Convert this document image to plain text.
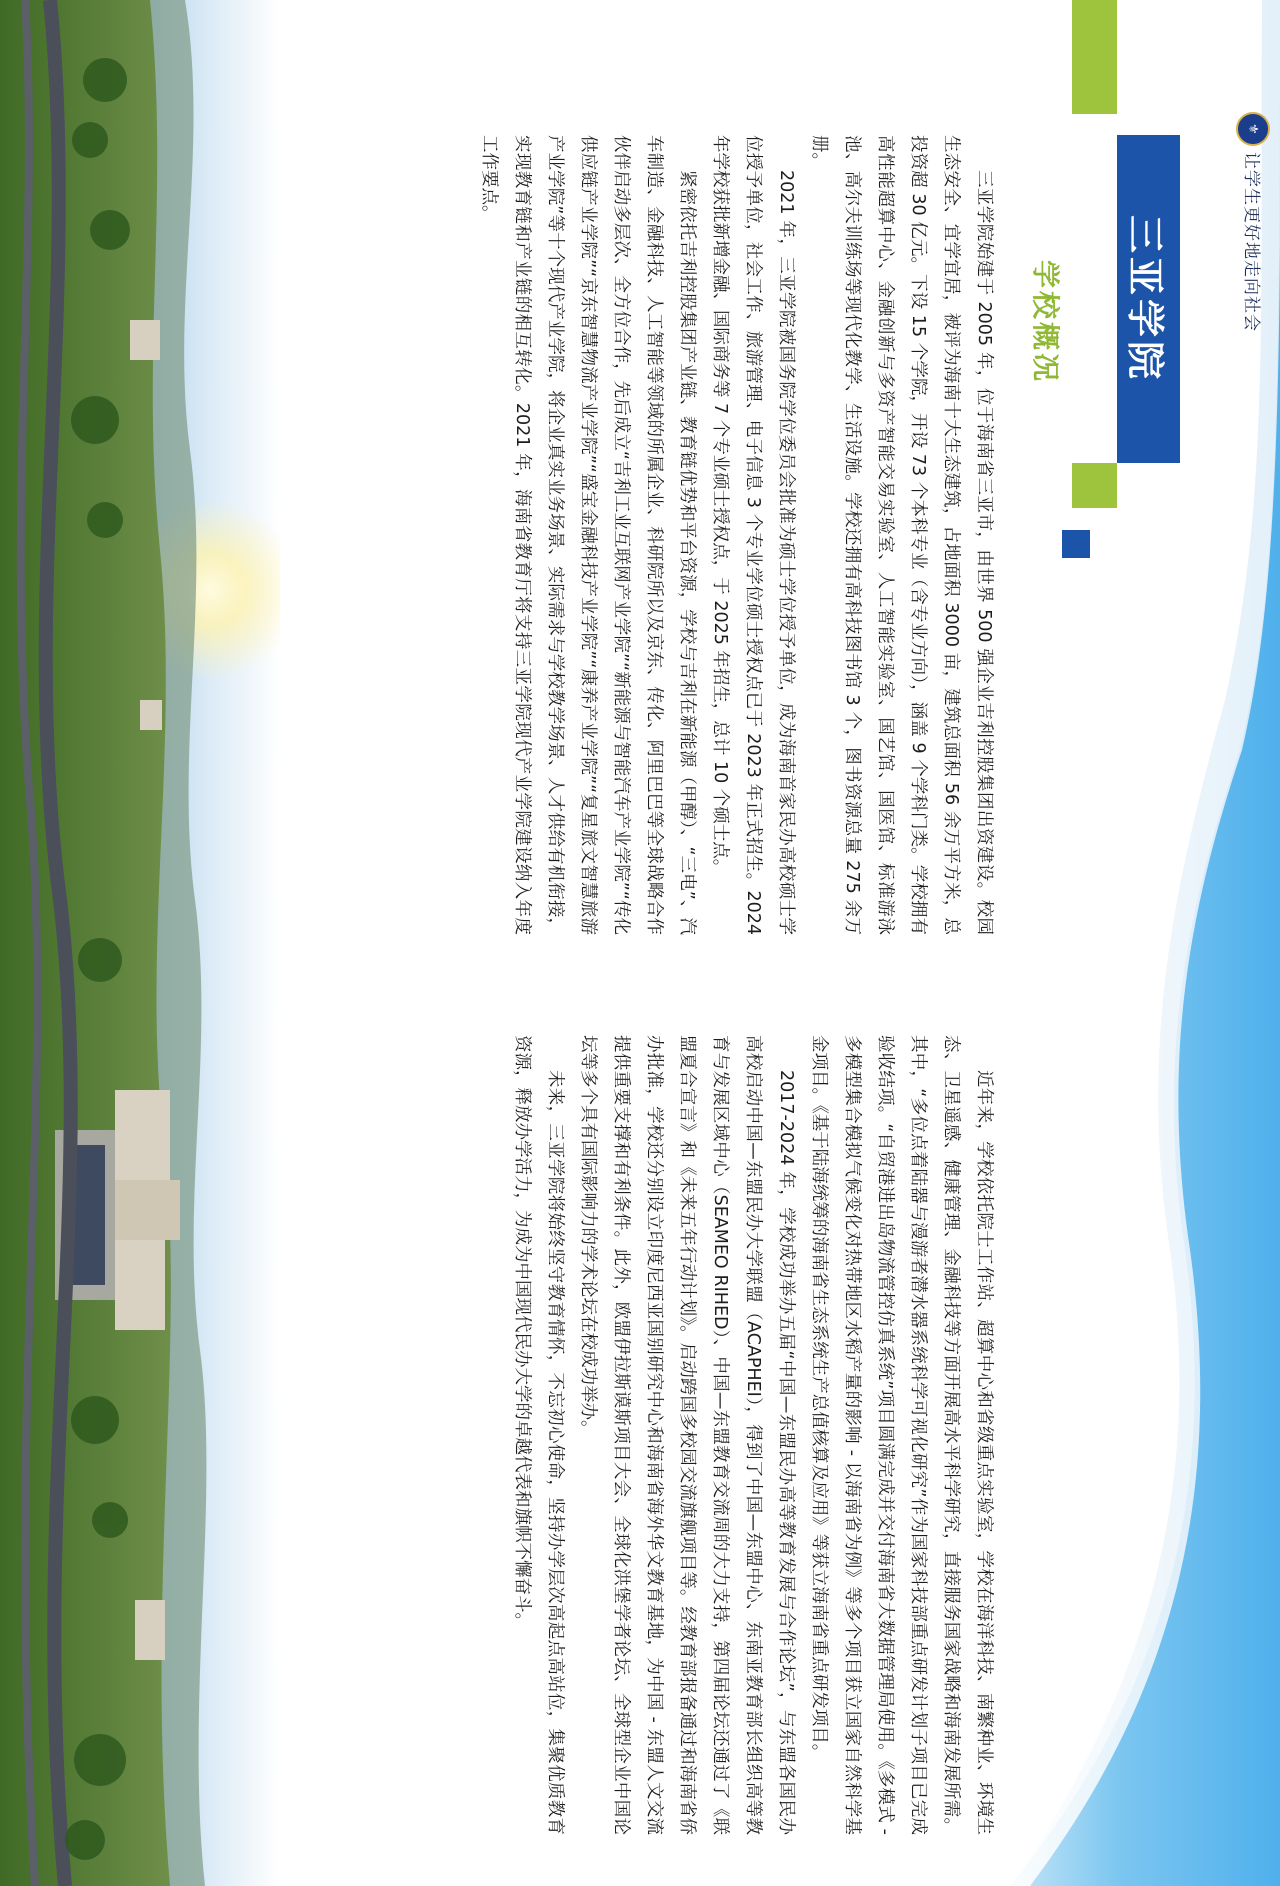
⚜
让学生更好地走向社会
三亚学院
学校概况

三亚学院始建于 2005 年，位于海南省三亚市，由世界 500 强企业吉利控股集团出资建设。校园生态安全、宜学宜居，被评为海南十大生态建筑，占地面积 3000 亩，建筑总面积 56 余万平方米，总投资超 30 亿元。下设 15 个学院，开设 73 个本科专业（含专业方向），涵盖 9 个学科门类。学校拥有高性能超算中心、金融创新与多资产智能交易实验室、人工智能实验室、国艺馆、国医馆、标准游泳池、高尔夫训练场等现代化教学、生活设施。学校还拥有高科技图书馆 3 个，图书资源总量 275 余万册。

2021 年，三亚学院被国务院学位委员会批准为硕士学位授予单位，成为海南首家民办高校硕士学位授予单位，社会工作、旅游管理、电子信息 3 个专业学位硕士授权点已于 2023 年正式招生。2024 年学校获批新增金融、国际商务等 7 个专业硕士授权点，于 2025 年招生，总计 10 个硕士点。

紧密依托吉利控股集团产业链、教育链优势和平台资源，学校与吉利在新能源（甲醇）、“三电”、汽车制造、金融科技、人工智能等领域的所属企业、科研院所以及京东、传化、阿里巴巴等全球战略合作伙伴启动多层次、全方位合作，先后成立“吉利工业互联网产业学院”“新能源与智能汽车产业学院”“传化供应链产业学院”“京东智慧物流产业学院”“盛宝金融科技产业学院”“康养产业学院”“复星旅文智慧旅游产业学院”等十个现代产业学院，将企业真实业务场景、实际需求与学校教学场景、人才供给有机衔接，实现教育链和产业链的相互转化。2021 年，海南省教育厅将支持三亚学院现代产业学院建设纳入年度工作要点。

近年来，学校依托院士工作站、超算中心和省级重点实验室，学校在海洋科技、南繁种业、环境生态、卫星遥感、健康管理、金融科技等方面开展高水平科学研究，直接服务国家战略和海南发展所需。其中，“多位点着陆器与漫游者潜水器系统科学可视化研究”作为国家科技部重点研发计划子项目已完成验收结项。“自贸港进出岛物流管控仿真系统”项目圆满完成并交付海南省大数据管理局使用。《多模式 - 多模型集合模拟气候变化对热带地区水稻产量的影响 - 以海南省为例》等多个项目获立国家自然科学基金项目。《基于陆海统筹的海南省生态系统生产总值核算及应用》等获立海南省重点研发项目。

2017-2024 年，学校成功举办五届“中国—东盟民办高等教育发展与合作论坛”，与东盟各国民办高校启动中国—东盟民办大学联盟（ACAPHEI），得到了中国—东盟中心、东南亚教育部长组织高等教育与发展区域中心（SEAMEO RIHED）、中国—东盟教育交流周的大力支持，第四届论坛还通过了《联盟夏合宣言》和《未来五年行动计划》。启动跨国多校园交流旗舰项目等。经教育部报备通过和海南省侨办批准，学校还分别设立印度尼西亚国别研究中心和海南省海外华文教育基地，为中国 - 东盟人文交流提供重要支撑和有利条件。此外，欧盟伊拉斯谟斯项目大会、全球化洪堡学者论坛、全球型企业中国论坛等多个具有国际影响力的学术论坛在校成功举办。

未来，三亚学院将始终坚守教育情怀，不忘初心使命，坚持办学层次高起点高站位，集聚优质教育资源，释放办学活力，为成为中国现代民办大学的卓越代表和旗帜不懈奋斗。
